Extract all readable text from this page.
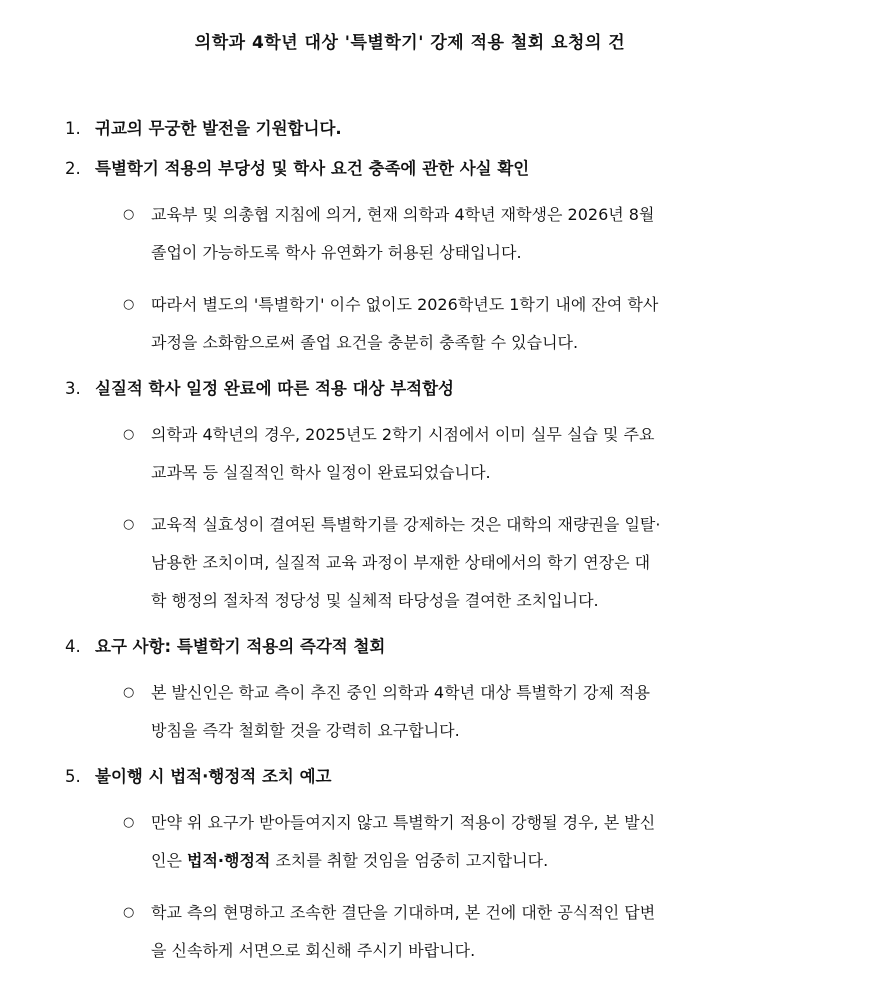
의학과 4학년 대상 '특별학기' 강제 적용 철회 요청의 건
1. 귀교의 무궁한 발전을 기원합니다.
2. 특별학기 적용의 부당성 및 학사 요건 충족에 관한 사실 확인
○	교육부 및 의총협 지침에 의거, 현재 의학과 4학년 재학생은 2026년 8월
졸업이 가능하도록 학사 유연화가 허용된 상태입니다.
○	따라서 별도의 '특별학기' 이수 없이도 2026학년도 1학기 내에 잔여 학사
과정을 소화함으로써 졸업 요건을 충분히 충족할 수 있습니다.
3. 실질적 학사 일정 완료에 따른 적용 대상 부적합성
○	의학과 4학년의 경우, 2025년도 2학기 시점에서 이미 실무 실습 및 주요
교과목 등 실질적인 학사 일정이 완료되었습니다.
○	교육적 실효성이 결여된 특별학기를 강제하는 것은 대학의 재량권을 일탈·
남용한 조치이며, 실질적 교육 과정이 부재한 상태에서의 학기 연장은 대
학 행정의 절차적 정당성 및 실체적 타당성을 결여한 조치입니다.
4. 요구 사항: 특별학기 적용의 즉각적 철회
○	본 발신인은 학교 측이 추진 중인 의학과 4학년 대상 특별학기 강제 적용
방침을 즉각 철회할 것을 강력히 요구합니다.
5. 불이행 시 법적·행정적 조치 예고
○	만약 위 요구가 받아들여지지 않고 특별학기 적용이 강행될 경우, 본 발신
인은 법적·행정적 조치를 취할 것임을 엄중히 고지합니다.
○	학교 측의 현명하고 조속한 결단을 기대하며, 본 건에 대한 공식적인 답변
을 신속하게 서면으로 회신해 주시기 바랍니다.
